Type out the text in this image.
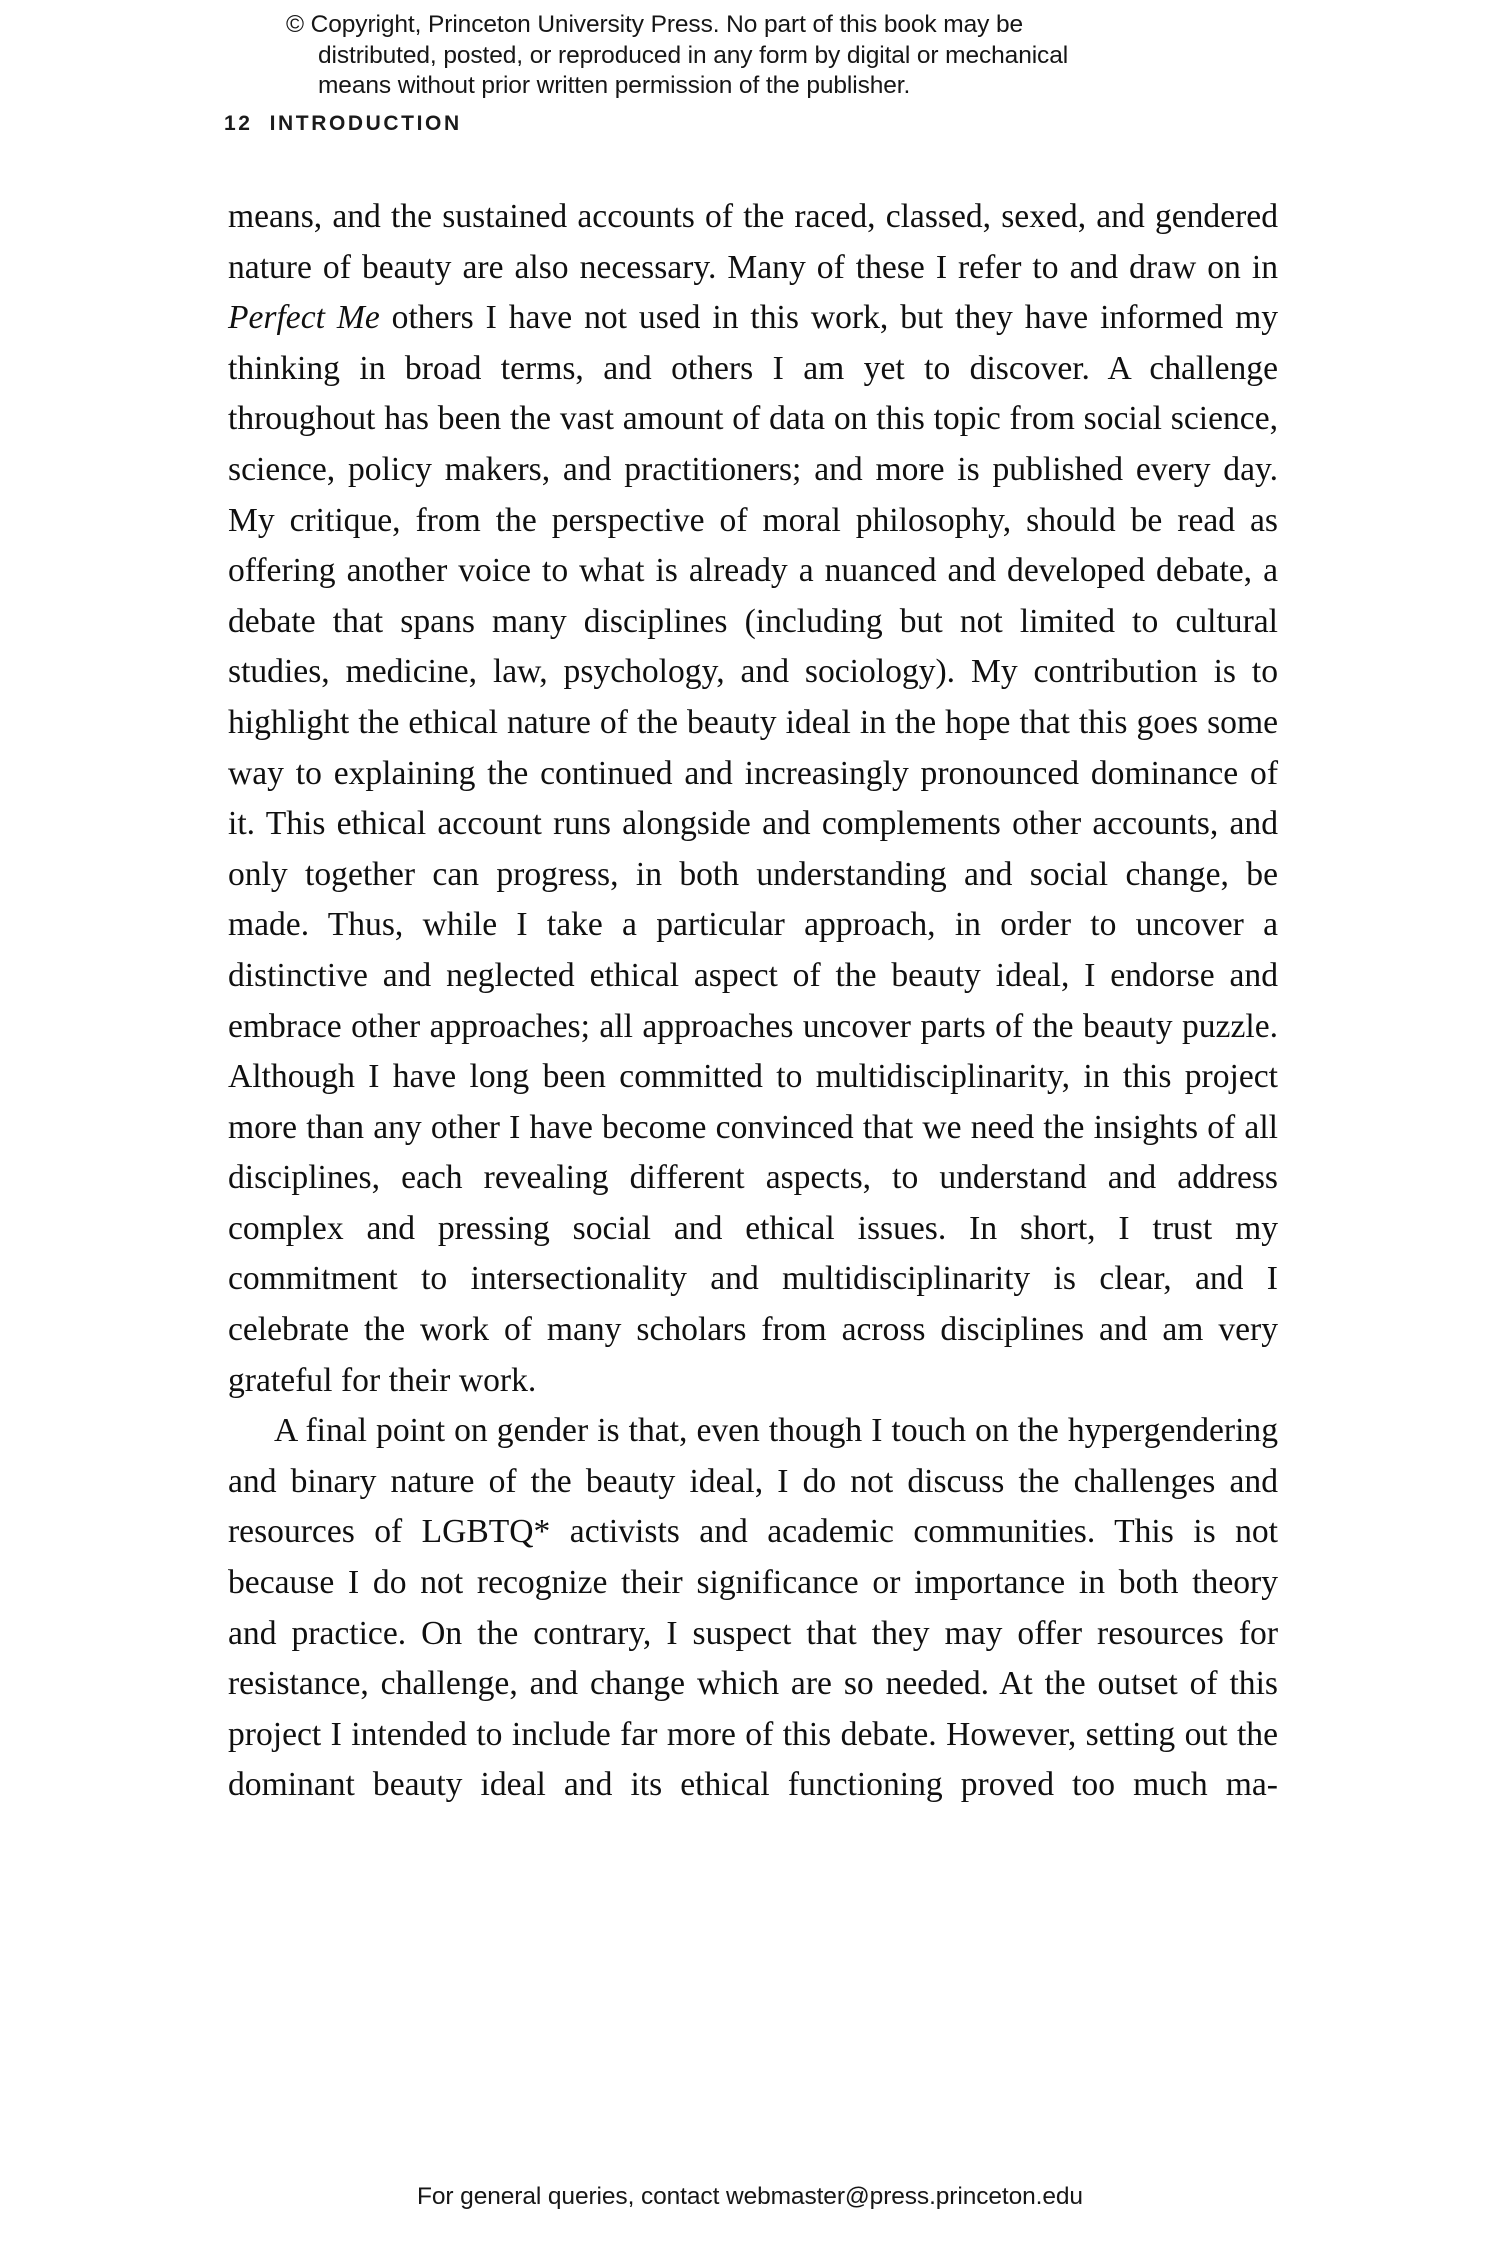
© Copyright, Princeton University Press. No part of this book may be
distributed, posted, or reproduced in any form by digital or mechanical
means without prior written permission of the publisher.
12 INTRODUCTION

means, and the sustained accounts of the raced, classed, sexed, and gendered nature of beauty are also necessary. Many of these I refer to and draw on in Perfect Me others I have not used in this work, but they have informed my thinking in broad terms, and others I am yet to discover. A challenge throughout has been the vast amount of data on this topic from social science, science, policy makers, and practitioners; and more is published every day. My critique, from the perspective of moral philosophy, should be read as offering another voice to what is already a nuanced and developed debate, a debate that spans many disciplines (including but not limited to cultural studies, medicine, law, psychology, and sociology). My contribution is to highlight the ethical nature of the beauty ideal in the hope that this goes some way to explaining the continued and increasingly pronounced dominance of it. This ethical account runs alongside and complements other accounts, and only together can progress, in both understanding and social change, be made. Thus, while I take a particular approach, in order to uncover a distinctive and neglected ethical aspect of the beauty ideal, I endorse and embrace other approaches; all approaches uncover parts of the beauty puzzle. Although I have long been committed to multidisciplinarity, in this project more than any other I have become convinced that we need the insights of all disciplines, each revealing different aspects, to understand and address complex and pressing social and ethical issues. In short, I trust my commitment to intersectionality and multidisciplinarity is clear, and I celebrate the work of many scholars from across disciplines and am very grateful for their work.

A final point on gender is that, even though I touch on the hypergendering and binary nature of the beauty ideal, I do not discuss the challenges and resources of LGBTQ* activists and academic communities. This is not because I do not recognize their significance or importance in both theory and practice. On the contrary, I suspect that they may offer resources for resistance, challenge, and change which are so needed. At the outset of this project I intended to include far more of this debate. However, setting out the dominant beauty ideal and its ethical functioning proved too much ma-

For general queries, contact webmaster@press.princeton.edu
